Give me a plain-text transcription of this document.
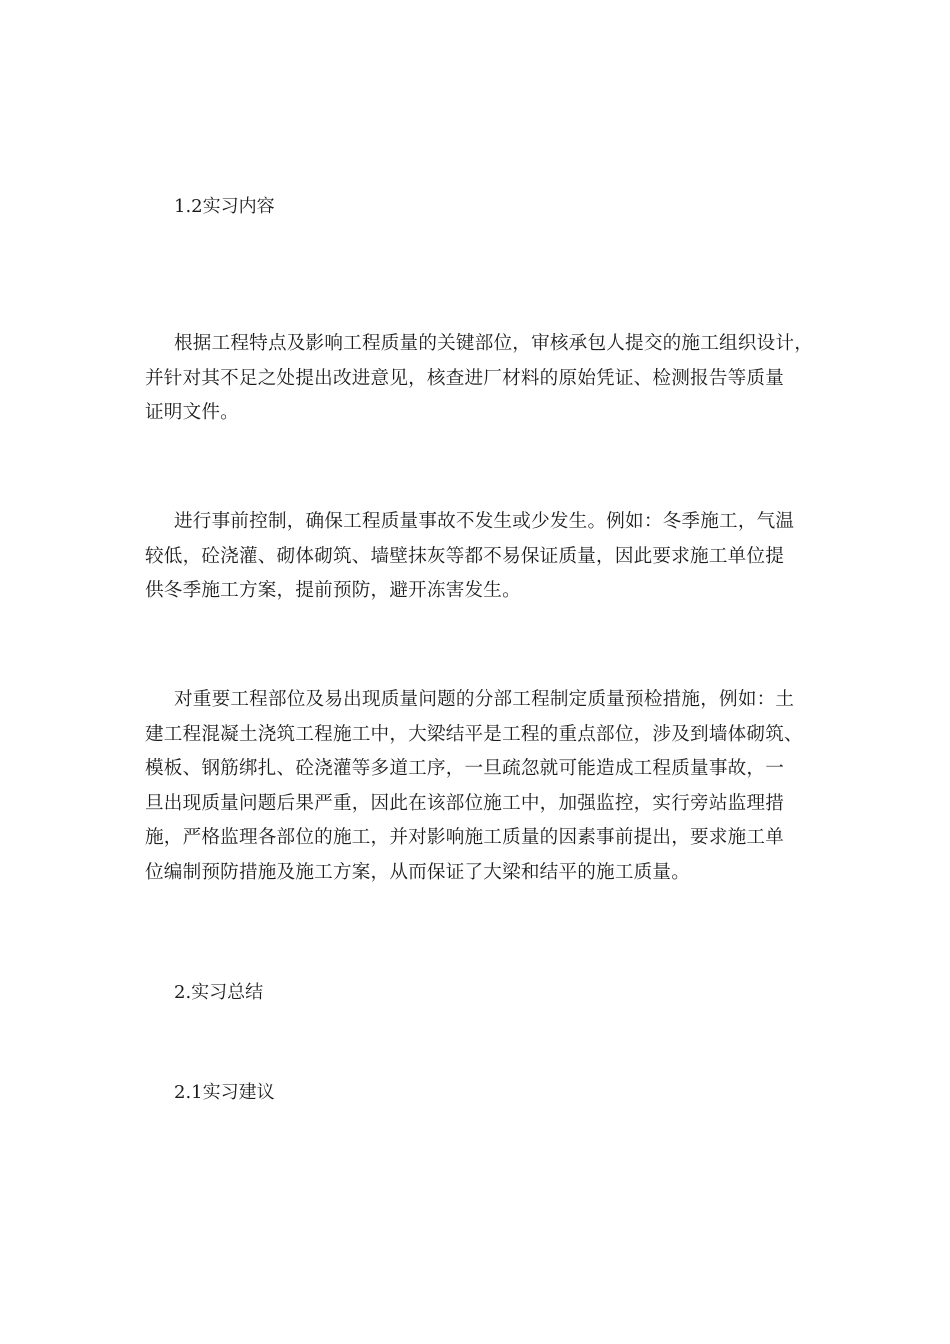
1.2实习内容
根据工程特点及影响工程质量的关键部位，审核承包人提交的施工组织设计，
并针对其不足之处提出改进意见，核查进厂材料的原始凭证、检测报告等质量
证明文件。
进行事前控制，确保工程质量事故不发生或少发生。例如：冬季施工，气温
较低，砼浇灌、砌体砌筑、墙壁抹灰等都不易保证质量，因此要求施工单位提
供冬季施工方案，提前预防，避开冻害发生。
对重要工程部位及易出现质量问题的分部工程制定质量预检措施，例如：土
建工程混凝土浇筑工程施工中，大梁结平是工程的重点部位，涉及到墙体砌筑、
模板、钢筋绑扎、砼浇灌等多道工序，一旦疏忽就可能造成工程质量事故，一
旦出现质量问题后果严重，因此在该部位施工中，加强监控，实行旁站监理措
施，严格监理各部位的施工，并对影响施工质量的因素事前提出，要求施工单
位编制预防措施及施工方案，从而保证了大梁和结平的施工质量。
2.实习总结
2.1实习建议
